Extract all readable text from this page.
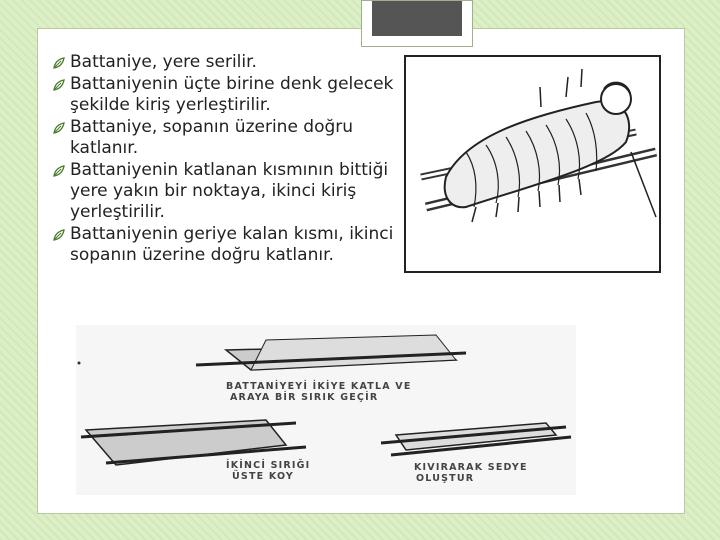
Battaniye, yere serilir.
Battaniyenin üçte birine denk gelecek şekilde kiriş yerleştirilir.
Battaniye, sopanın üzerine doğru katlanır.
Battaniyenin katlanan kısmının bittiği yere yakın bir noktaya, ikinci kiriş yerleştirilir.
Battaniyenin geriye kalan kısmı, ikinci sopanın üzerine doğru katlanır.
BATTANİYEYİ İKİYE KATLA VE
ARAYA BİR SIRIK GEÇİR
İKİNCİ SIRIĞI
ÜSTE KOY
KIVIRARAK SEDYE
OLUŞTUR
